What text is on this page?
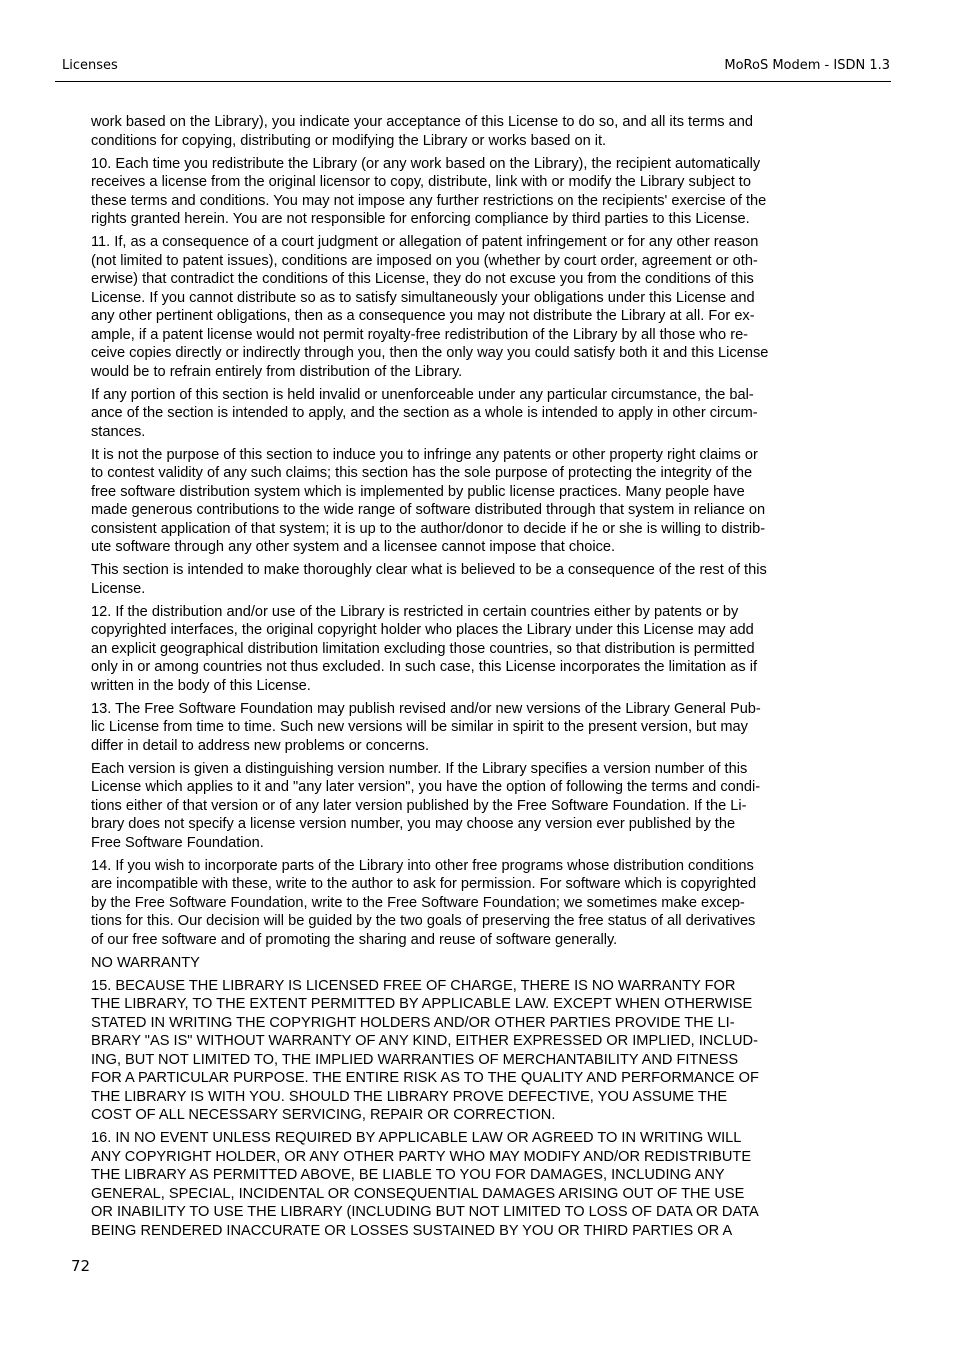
Licenses	MoRoS Modem - ISDN 1.3

work based on the Library), you indicate your acceptance of this License to do so, and all its terms and
conditions for copying, distributing or modifying the Library or works based on it.

10. Each time you redistribute the Library (or any work based on the Library), the recipient automatically
receives a license from the original licensor to copy, distribute, link with or modify the Library subject to
these terms and conditions. You may not impose any further restrictions on the recipients' exercise of the
rights granted herein. You are not responsible for enforcing compliance by third parties to this License.

11. If, as a consequence of a court judgment or allegation of patent infringement or for any other reason
(not limited to patent issues), conditions are imposed on you (whether by court order, agreement or oth-
erwise) that contradict the conditions of this License, they do not excuse you from the conditions of this
License. If you cannot distribute so as to satisfy simultaneously your obligations under this License and
any other pertinent obligations, then as a consequence you may not distribute the Library at all. For ex-
ample, if a patent license would not permit royalty-free redistribution of the Library by all those who re-
ceive copies directly or indirectly through you, then the only way you could satisfy both it and this License
would be to refrain entirely from distribution of the Library.

If any portion of this section is held invalid or unenforceable under any particular circumstance, the bal-
ance of the section is intended to apply, and the section as a whole is intended to apply in other circum-
stances.

It is not the purpose of this section to induce you to infringe any patents or other property right claims or
to contest validity of any such claims; this section has the sole purpose of protecting the integrity of the
free software distribution system which is implemented by public license practices. Many people have
made generous contributions to the wide range of software distributed through that system in reliance on
consistent application of that system; it is up to the author/donor to decide if he or she is willing to distrib-
ute software through any other system and a licensee cannot impose that choice.

This section is intended to make thoroughly clear what is believed to be a consequence of the rest of this
License.

12. If the distribution and/or use of the Library is restricted in certain countries either by patents or by
copyrighted interfaces, the original copyright holder who places the Library under this License may add
an explicit geographical distribution limitation excluding those countries, so that distribution is permitted
only in or among countries not thus excluded. In such case, this License incorporates the limitation as if
written in the body of this License.

13. The Free Software Foundation may publish revised and/or new versions of the Library General Pub-
lic License from time to time. Such new versions will be similar in spirit to the present version, but may
differ in detail to address new problems or concerns.

Each version is given a distinguishing version number. If the Library specifies a version number of this
License which applies to it and "any later version", you have the option of following the terms and condi-
tions either of that version or of any later version published by the Free Software Foundation. If the Li-
brary does not specify a license version number, you may choose any version ever published by the
Free Software Foundation.

14. If you wish to incorporate parts of the Library into other free programs whose distribution conditions
are incompatible with these, write to the author to ask for permission. For software which is copyrighted
by the Free Software Foundation, write to the Free Software Foundation; we sometimes make excep-
tions for this. Our decision will be guided by the two goals of preserving the free status of all derivatives
of our free software and of promoting the sharing and reuse of software generally.

NO WARRANTY

15. BECAUSE THE LIBRARY IS LICENSED FREE OF CHARGE, THERE IS NO WARRANTY FOR
THE LIBRARY, TO THE EXTENT PERMITTED BY APPLICABLE LAW. EXCEPT WHEN OTHERWISE
STATED IN WRITING THE COPYRIGHT HOLDERS AND/OR OTHER PARTIES PROVIDE THE LI-
BRARY "AS IS" WITHOUT WARRANTY OF ANY KIND, EITHER EXPRESSED OR IMPLIED, INCLUD-
ING, BUT NOT LIMITED TO, THE IMPLIED WARRANTIES OF MERCHANTABILITY AND FITNESS
FOR A PARTICULAR PURPOSE. THE ENTIRE RISK AS TO THE QUALITY AND PERFORMANCE OF
THE LIBRARY IS WITH YOU. SHOULD THE LIBRARY PROVE DEFECTIVE, YOU ASSUME THE
COST OF ALL NECESSARY SERVICING, REPAIR OR CORRECTION.

16. IN NO EVENT UNLESS REQUIRED BY APPLICABLE LAW OR AGREED TO IN WRITING WILL
ANY COPYRIGHT HOLDER, OR ANY OTHER PARTY WHO MAY MODIFY AND/OR REDISTRIBUTE
THE LIBRARY AS PERMITTED ABOVE, BE LIABLE TO YOU FOR DAMAGES, INCLUDING ANY
GENERAL, SPECIAL, INCIDENTAL OR CONSEQUENTIAL DAMAGES ARISING OUT OF THE USE
OR INABILITY TO USE THE LIBRARY (INCLUDING BUT NOT LIMITED TO LOSS OF DATA OR DATA
BEING RENDERED INACCURATE OR LOSSES SUSTAINED BY YOU OR THIRD PARTIES OR A

72
